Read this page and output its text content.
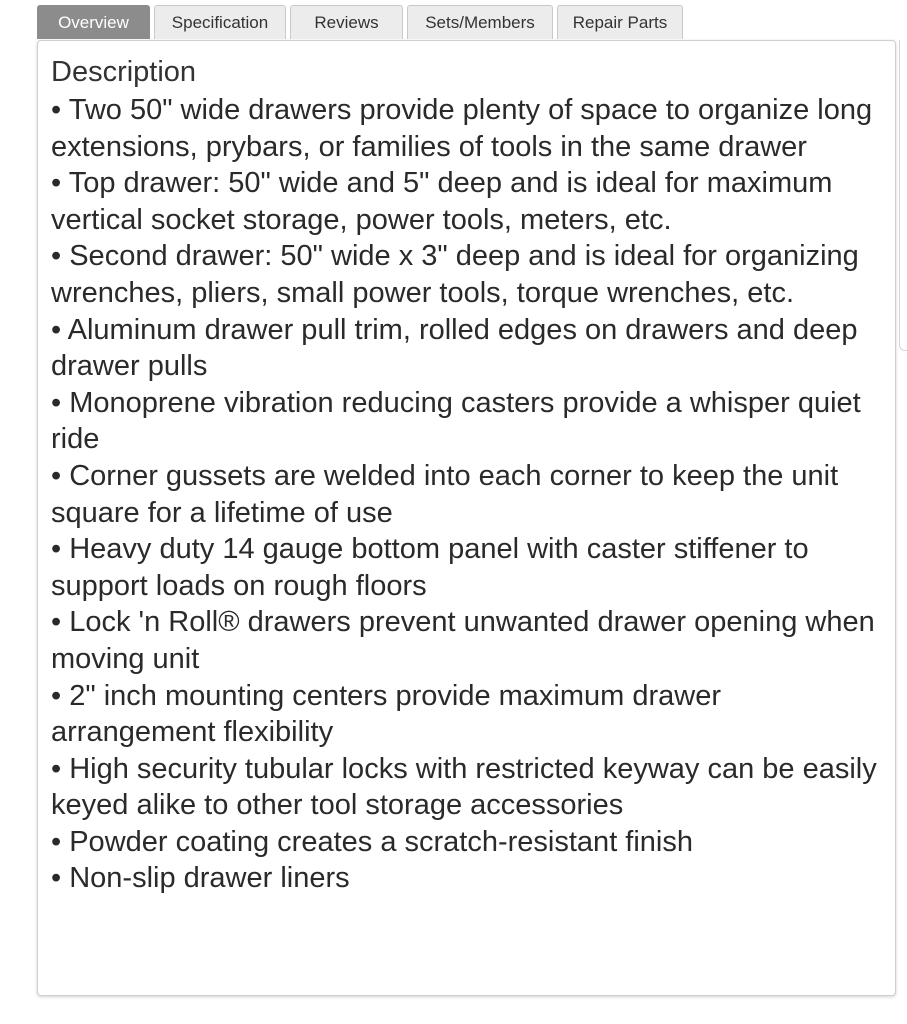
Overview	Specification	Reviews	Sets/Members	Repair Parts
Description
• Two 50" wide drawers provide plenty of space to organize long extensions, prybars, or families of tools in the same drawer
• Top drawer: 50" wide and 5" deep and is ideal for maximum vertical socket storage, power tools, meters, etc.
• Second drawer: 50" wide x 3" deep and is ideal for organizing wrenches, pliers, small power tools, torque wrenches, etc.
• Aluminum drawer pull trim, rolled edges on drawers and deep drawer pulls
• Monoprene vibration reducing casters provide a whisper quiet ride
• Corner gussets are welded into each corner to keep the unit square for a lifetime of use
• Heavy duty 14 gauge bottom panel with caster stiffener to support loads on rough floors
• Lock 'n Roll® drawers prevent unwanted drawer opening when moving unit
• 2" inch mounting centers provide maximum drawer arrangement flexibility
• High security tubular locks with restricted keyway can be easily keyed alike to other tool storage accessories
• Powder coating creates a scratch-resistant finish
• Non-slip drawer liners
